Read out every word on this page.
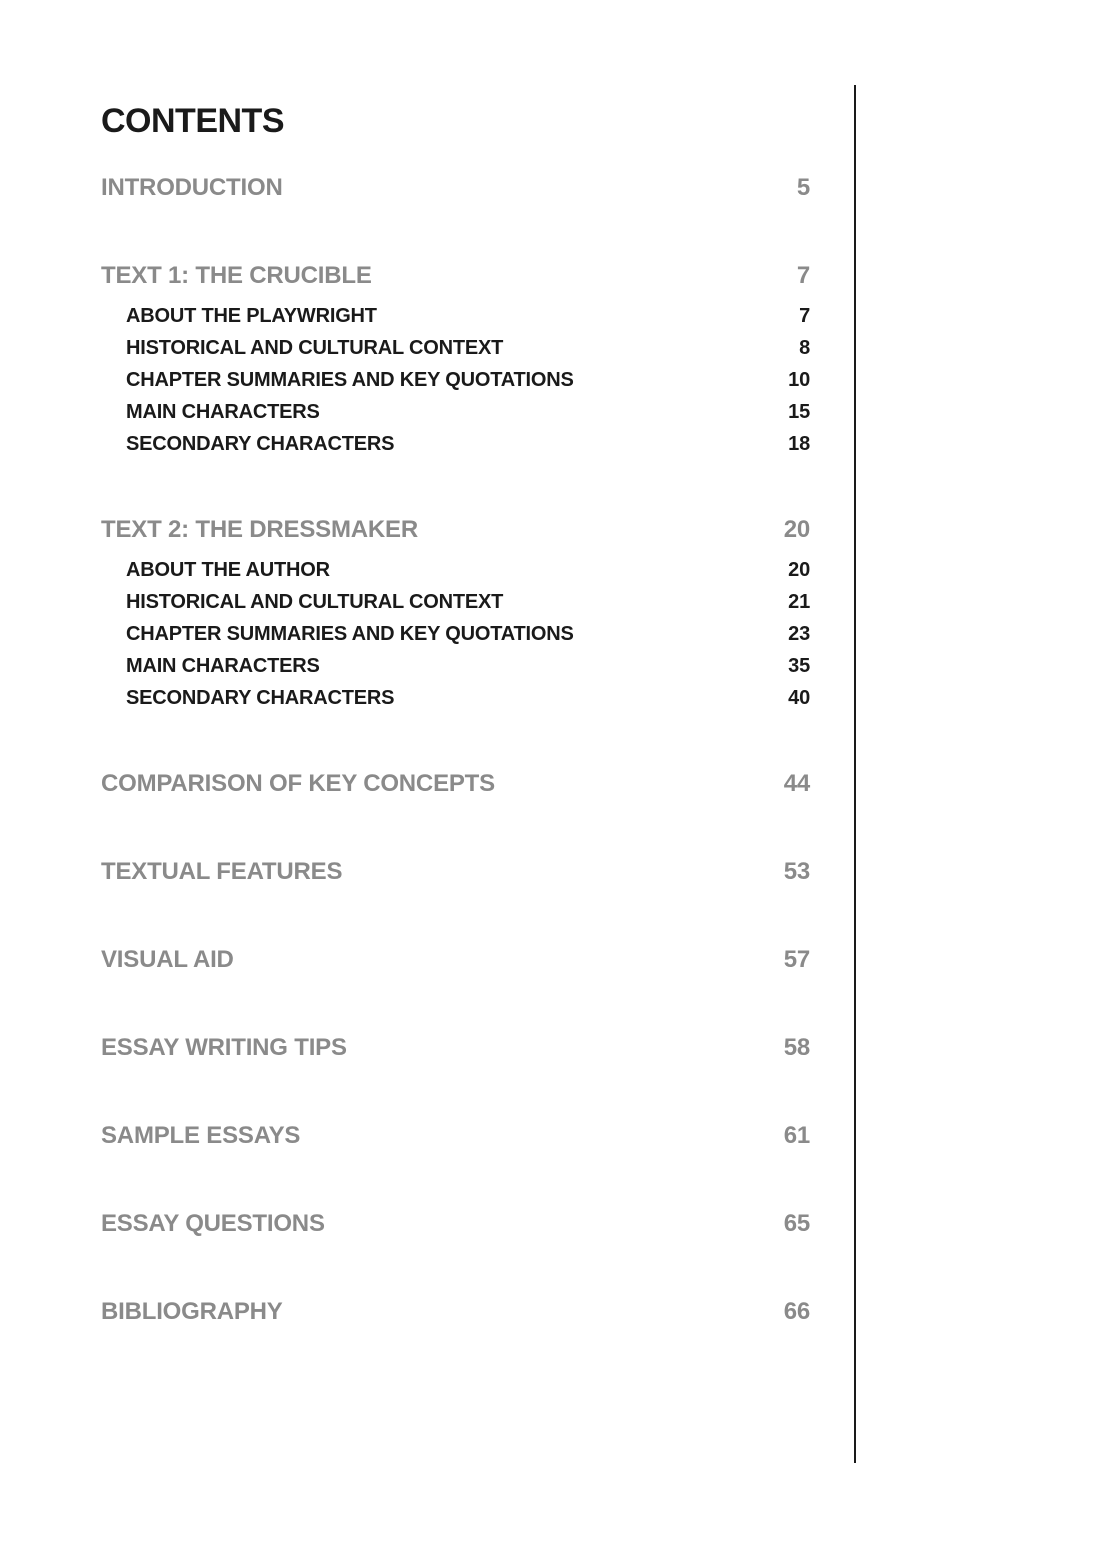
CONTENTS
INTRODUCTION	5
TEXT 1: THE CRUCIBLE	7
ABOUT THE PLAYWRIGHT	7
HISTORICAL AND CULTURAL CONTEXT	8
CHAPTER SUMMARIES AND KEY QUOTATIONS	10
MAIN CHARACTERS	15
SECONDARY CHARACTERS	18
TEXT 2: THE DRESSMAKER	20
ABOUT THE AUTHOR	20
HISTORICAL AND CULTURAL CONTEXT	21
CHAPTER SUMMARIES AND KEY QUOTATIONS	23
MAIN CHARACTERS	35
SECONDARY CHARACTERS	40
COMPARISON OF KEY CONCEPTS	44
TEXTUAL FEATURES	53
VISUAL AID	57
ESSAY WRITING TIPS	58
SAMPLE ESSAYS	61
ESSAY QUESTIONS	65
BIBLIOGRAPHY	66
